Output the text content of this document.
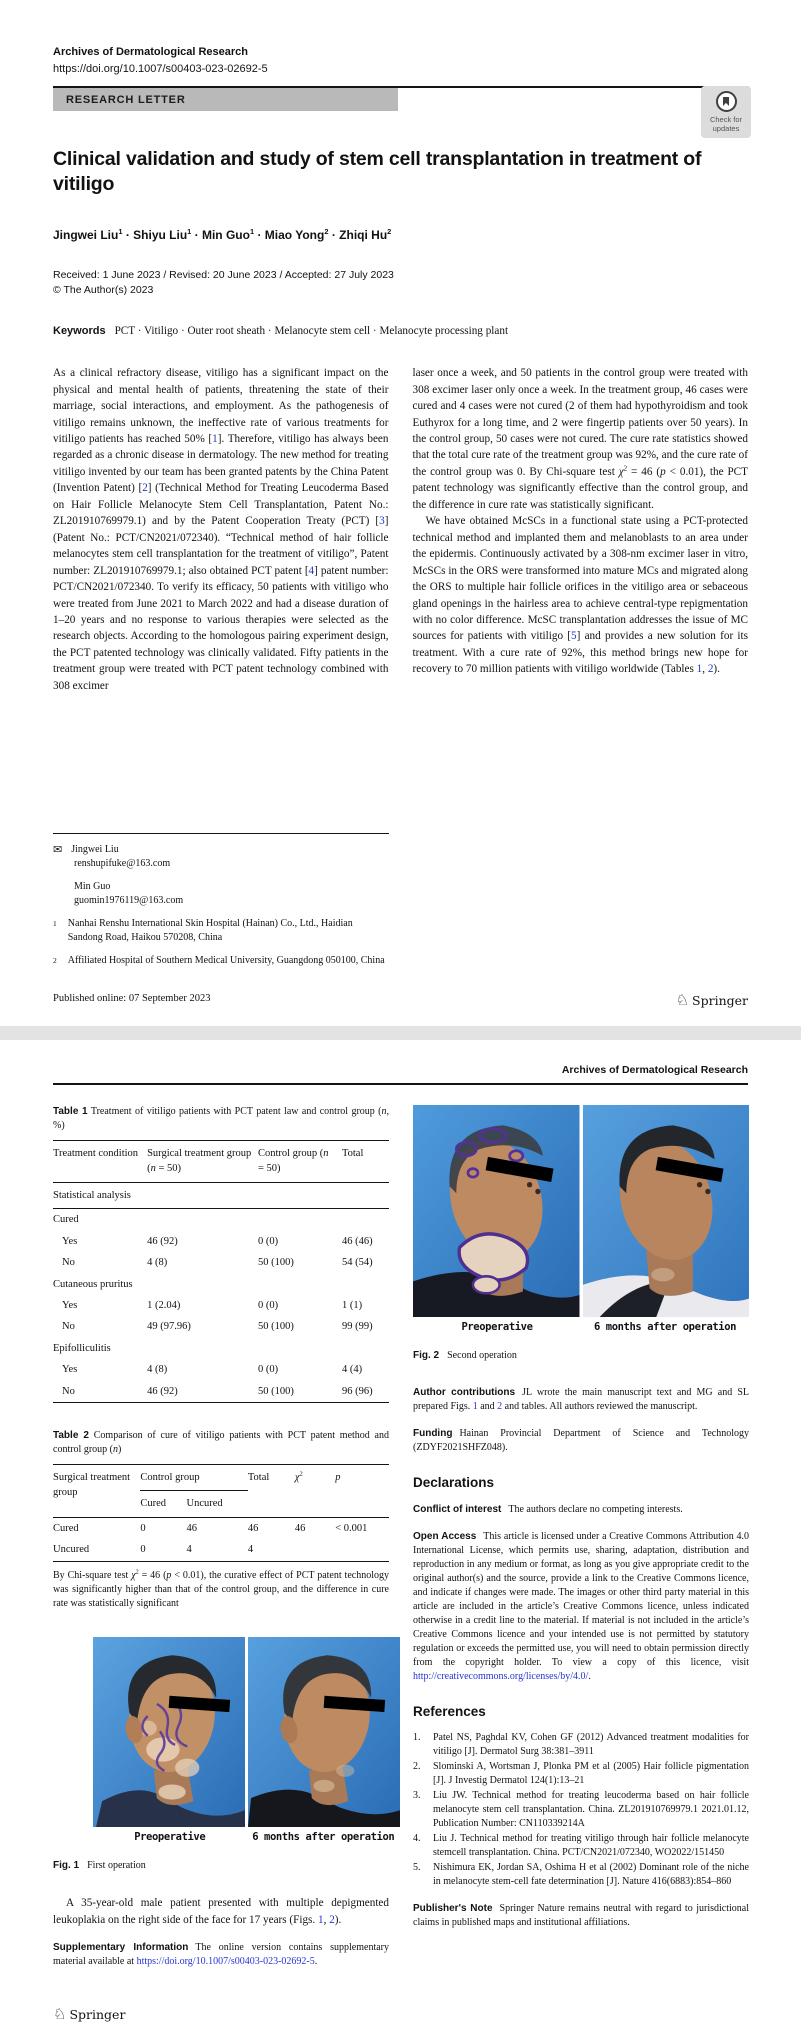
Archives of Dermatological Research
https://doi.org/10.1007/s00403-023-02692-5
RESEARCH LETTER
Check for
updates
Clinical validation and study of stem cell transplantation in treatment of vitiligo
Jingwei Liu$^1$ · Shiyu Liu$^1$ · Min Guo$^1$ · Miao Yong$^2$ · Zhiqi Hu$^2$
Received: 1 June 2023 / Revised: 20 June 2023 / Accepted: 27 July 2023
© The Author(s) 2023
Keywords PCT · Vitiligo · Outer root sheath · Melanocyte stem cell · Melanocyte processing plant

As a clinical refractory disease, vitiligo has a significant impact on the physical and mental health of patients, threatening the state of their marriage, social interactions, and employment. As the pathogenesis of vitiligo remains unknown, the ineffective rate of various treatments for vitiligo patients has reached 50% [1]. Therefore, vitiligo has always been regarded as a chronic disease in dermatology. The new method for treating vitiligo invented by our team has been granted patents by the China Patent (Invention Patent) [2] (Technical Method for Treating Leucoderma Based on Hair Follicle Melanocyte Stem Cell Transplantation, Patent No.: ZL201910769979.1) and by the Patent Cooperation Treaty (PCT) [3] (Patent No.: PCT/CN2021/072340). “Technical method of hair follicle melanocytes stem cell transplantation for the treatment of vitiligo”, Patent number: ZL201910769979.1; also obtained PCT patent [4] patent number: PCT/CN2021/072340. To verify its efficacy, 50 patients with vitiligo who were treated from June 2021 to March 2022 and had a disease duration of 1–20 years and no response to various therapies were selected as the research objects. According to the homologous pairing experiment design, the PCT patented technology was clinically validated. Fifty patients in the treatment group were treated with PCT patent technology combined with 308 excimer

laser once a week, and 50 patients in the control group were treated with 308 excimer laser only once a week. In the treatment group, 46 cases were cured and 4 cases were not cured (2 of them had hypothyroidism and took Euthyrox for a long time, and 2 were fingertip patients over 50 years). In the control group, 50 cases were not cured. The cure rate statistics showed that the total cure rate of the treatment group was 92%, and the cure rate of the control group was 0. By Chi-square test $\chi^2 = 46$ (p < 0.01), the PCT patent technology was significantly effective than the control group, and the difference in cure rate was statistically significant.

We have obtained McSCs in a functional state using a PCT-protected technical method and implanted them and melanoblasts to an area under the epidermis. Continuously activated by a 308-nm excimer laser in vitro, McSCs in the ORS were transformed into mature MCs and migrated along the ORS to multiple hair follicle orifices in the vitiligo area or sebaceous gland openings in the hairless area to achieve central-type repigmentation with no color difference. McSC transplantation addresses the issue of MC sources for patients with vitiligo [5] and provides a new solution for its treatment. With a cure rate of 92%, this method brings new hope for recovery to 70 million patients with vitiligo worldwide (Tables 1, 2).

✉ Jingwei Liu
renshupifuke@163.com
Min Guo
guomin1976119@163.com
1 Nanhai Renshu International Skin Hospital (Hainan) Co., Ltd., Haidian Sandong Road, Haikou 570208, China
2 Affiliated Hospital of Southern Medical University, Guangdong 050100, China
Published online: 07 September 2023	♘ Springer
Archives of Dermatological Research
Table 1 Treatment of vitiligo patients with PCT patent law and control group (n, %)
Statistical analysis			
Treatment condition	Surgical treatment group (n = 50)	Control group (n = 50)	Total
Cured			
Yes	46 (92)	0 (0)	46 (46)
No	4 (8)	50 (100)	54 (54)
Cutaneous pruritus			
Yes	1 (2.04)	0 (0)	1 (1)
No	49 (97.96)	50 (100)	99 (99)
Epifolliculitis			
Yes	4 (8)	0 (0)	4 (4)
No	46 (92)	50 (100)	96 (96)
Table 2 Comparison of cure of vitiligo patients with PCT patent method and control group (n)
Surgical treatment group	Control group		Total	$\chi^2$	p
	Cured	Uncured			
Cured	0	46	46	46	< 0.001
Uncured	0	4	4		
By Chi-square test $\chi^2 = 46$ (p < 0.01), the curative effect of PCT patent technology was significantly higher than that of the control group, and the difference in cure rate was statistically significant
Preoperative	6 months after operation
Fig. 1 First operation
A 35-year-old male patient presented with multiple depigmented leukoplakia on the right side of the face for 17 years (Figs. 1, 2).
Supplementary Information The online version contains supplementary material available at https://doi.org/10.1007/s00403-023-02692-5.
Preoperative	6 months after operation
Fig. 2 Second operation
Author contributions JL wrote the main manuscript text and MG and SL prepared Figs. 1 and 2 and tables. All authors reviewed the manuscript.
Funding Hainan Provincial Department of Science and Technology (ZDYF2021SHFZ048).
Declarations
Conflict of interest The authors declare no competing interests.
Open Access This article is licensed under a Creative Commons Attribution 4.0 International License, which permits use, sharing, adaptation, distribution and reproduction in any medium or format, as long as you give appropriate credit to the original author(s) and the source, provide a link to the Creative Commons licence, and indicate if changes were made. The images or other third party material in this article are included in the article’s Creative Commons licence, unless indicated otherwise in a credit line to the material. If material is not included in the article’s Creative Commons licence and your intended use is not permitted by statutory regulation or exceeds the permitted use, you will need to obtain permission directly from the copyright holder. To view a copy of this licence, visit http://creativecommons.org/licenses/by/4.0/.
References
1.	Patel NS, Paghdal KV, Cohen GF (2012) Advanced treatment modalities for vitiligo [J]. Dermatol Surg 38:381–3911
2.	Slominski A, Wortsman J, Plonka PM et al (2005) Hair follicle pigmentation [J]. J Investig Dermatol 124(1):13–21
3.	Liu JW. Technical method for treating leucoderma based on hair follicle melanocyte stem cell transplantation. China. ZL201910769979.1 2021.01.12, Publication Number: CN110339214A
4.	Liu J. Technical method for treating vitiligo through hair follicle melanocyte stemcell transplantation. China. PCT/CN2021/072340, WO2022/151450
5.	Nishimura EK, Jordan SA, Oshima H et al (2002) Dominant role of the niche in melanocyte stem-cell fate determination [J]. Nature 416(6883):854–860
Publisher's Note Springer Nature remains neutral with regard to jurisdictional claims in published maps and institutional affiliations.
♘ Springer
